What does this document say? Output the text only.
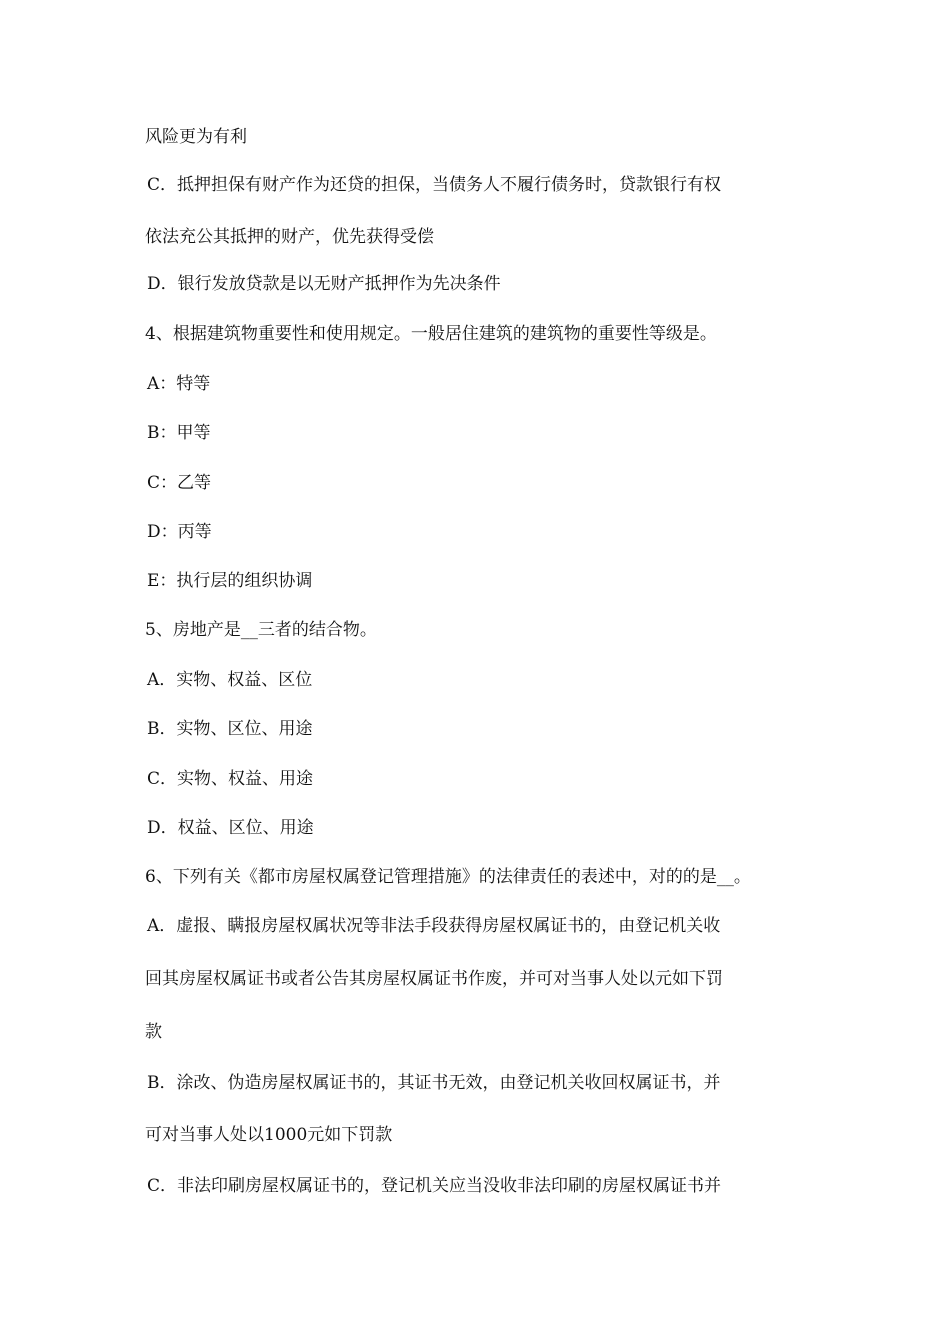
风险更为有利
C．抵押担保有财产作为还贷的担保，当债务人不履行债务时，贷款银行有权
依法充公其抵押的财产，优先获得受偿
D．银行发放贷款是以无财产抵押作为先决条件
4、根据建筑物重要性和使用规定。一般居住建筑的建筑物的重要性等级是。
A：特等
B：甲等
C：乙等
D：丙等
E：执行层的组织协调
5、房地产是__三者的结合物。
A．实物、权益、区位
B．实物、区位、用途
C．实物、权益、用途
D．权益、区位、用途
6、下列有关《都市房屋权属登记管理措施》的法律责任的表述中，对的的是__。
A．虚报、瞒报房屋权属状况等非法手段获得房屋权属证书的，由登记机关收
回其房屋权属证书或者公告其房屋权属证书作废，并可对当事人处以元如下罚
款
B．涂改、伪造房屋权属证书的，其证书无效，由登记机关收回权属证书，并
可对当事人处以1000元如下罚款
C．非法印刷房屋权属证书的，登记机关应当没收非法印刷的房屋权属证书并
